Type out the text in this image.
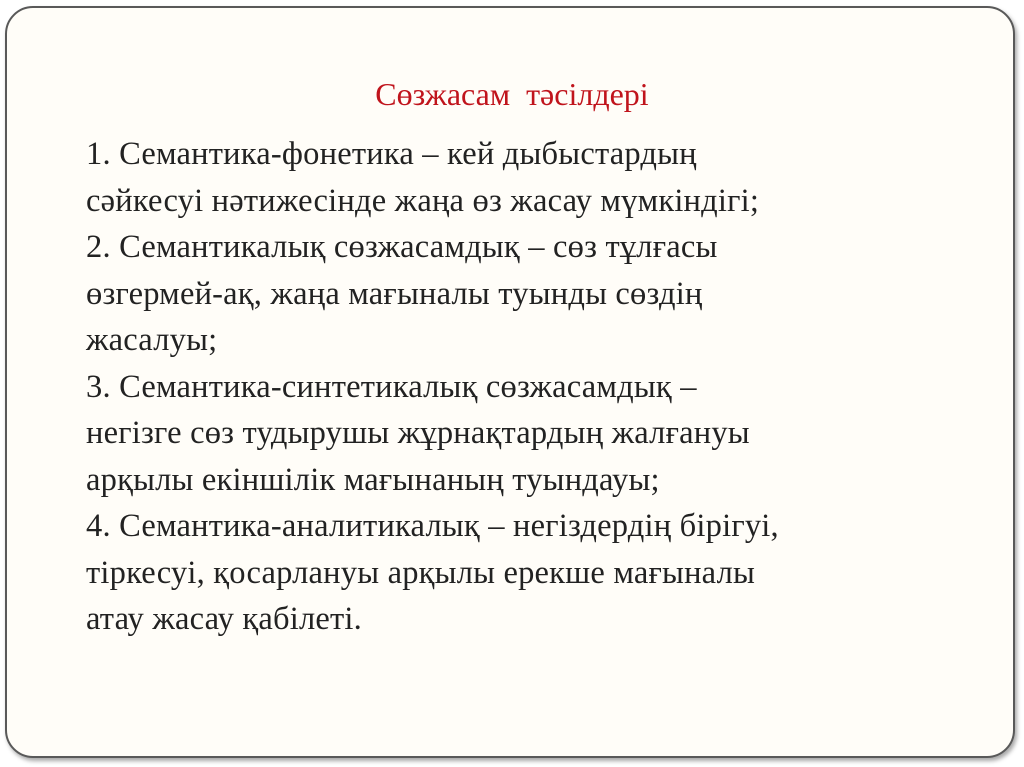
Сөзжасам  тәсілдері
1. Семантика-фонетика – кей дыбыстардың
сәйкесуі нәтижесінде жаңа өз жасау мүмкіндігі;
2. Семантикалық сөзжасамдық – сөз тұлғасы
өзгермей-ақ, жаңа мағыналы туынды сөздің
жасалуы;
3. Семантика-синтетикалық сөзжасамдық –
негізге сөз тудырушы жұрнақтардың жалғануы
арқылы екіншілік мағынаның туындауы;
4. Семантика-аналитикалық – негіздердің бірігуі,
тіркесуі, қосарлануы арқылы ерекше мағыналы
атау жасау қабілеті.
